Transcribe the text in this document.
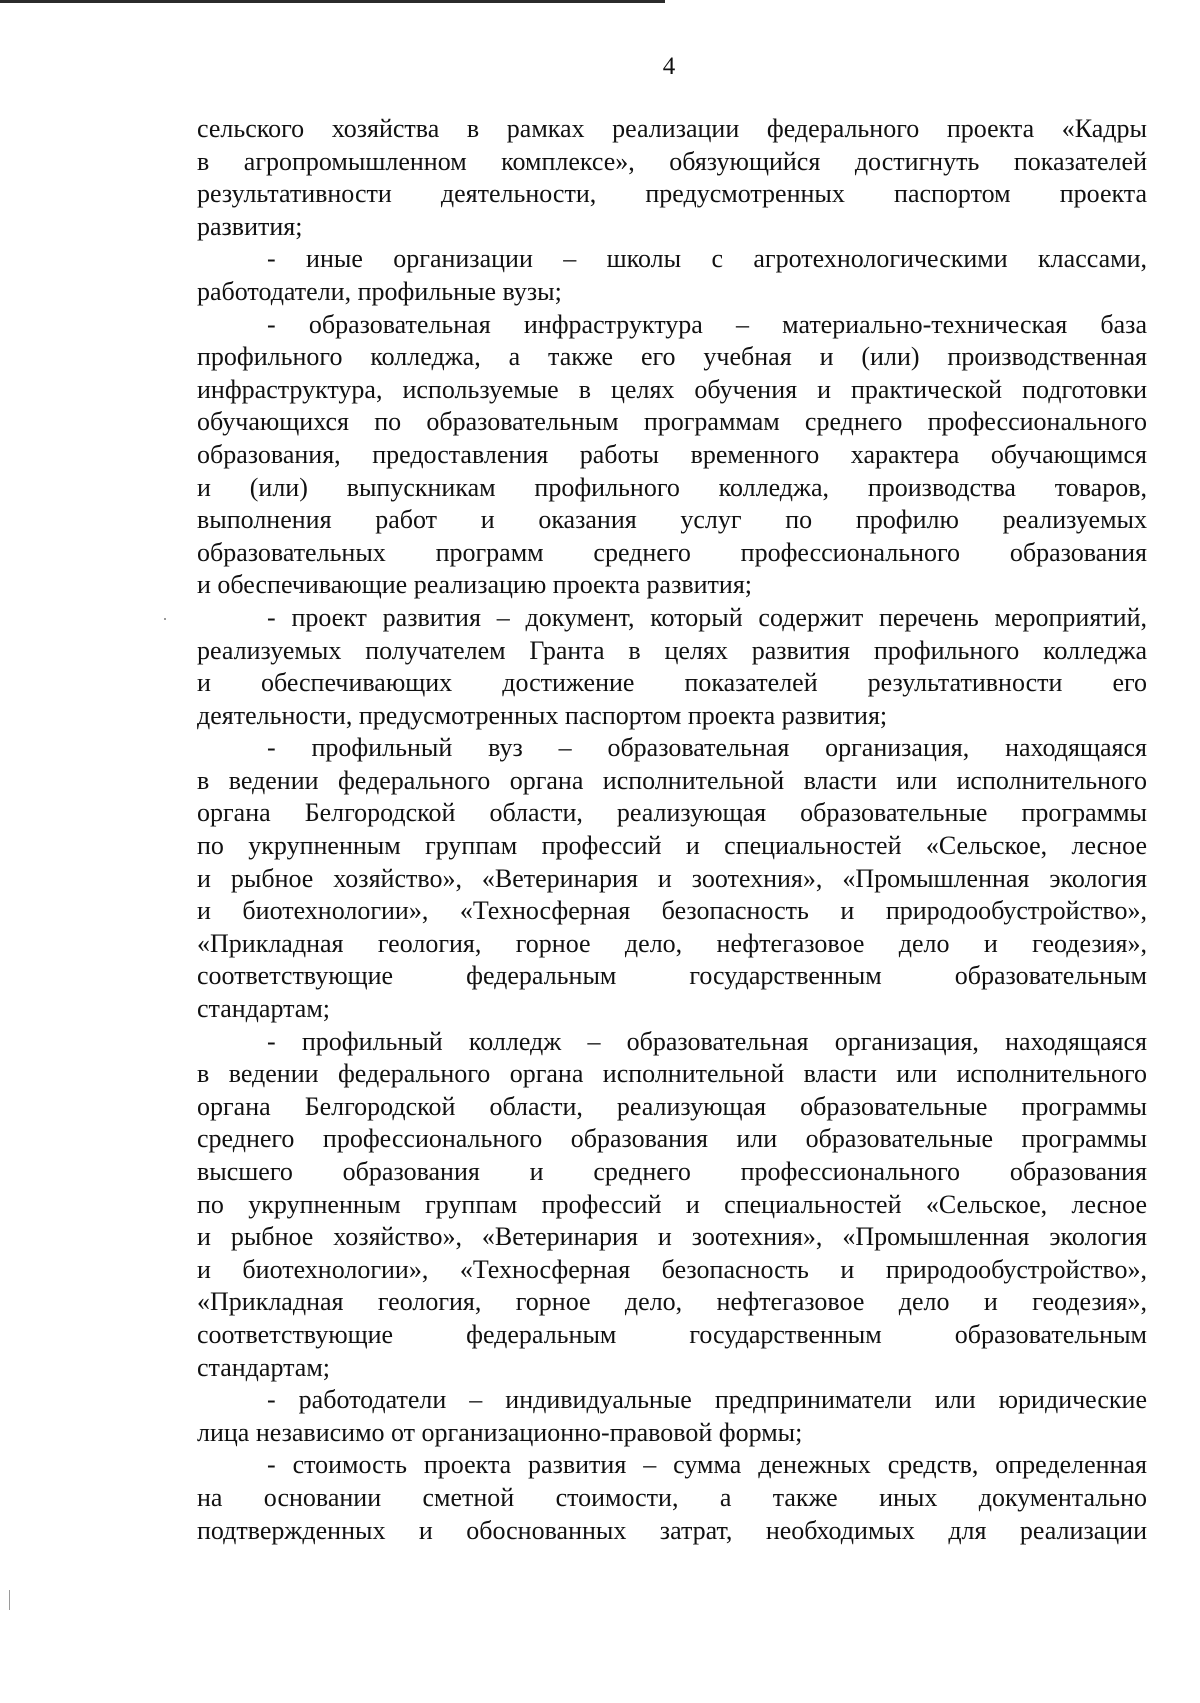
4
сельского хозяйства в рамках реализации федерального проекта «Кадры
в агропромышленном комплексе», обязующийся достигнуть показателей
результативности деятельности, предусмотренных паспортом проекта
развития;
- иные организации – школы с агротехнологическими классами,
работодатели, профильные вузы;
- образовательная инфраструктура – материально-техническая база
профильного колледжа, а также его учебная и (или) производственная
инфраструктура, используемые в целях обучения и практической подготовки
обучающихся по образовательным программам среднего профессионального
образования, предоставления работы временного характера обучающимся
и (или) выпускникам профильного колледжа, производства товаров,
выполнения работ и оказания услуг по профилю реализуемых
образовательных программ среднего профессионального образования
и обеспечивающие реализацию проекта развития;
- проект развития – документ, который содержит перечень мероприятий,
реализуемых получателем Гранта в целях развития профильного колледжа
и обеспечивающих достижение показателей результативности его
деятельности, предусмотренных паспортом проекта развития;
- профильный вуз – образовательная организация, находящаяся
в ведении федерального органа исполнительной власти или исполнительного
органа Белгородской области, реализующая образовательные программы
по укрупненным группам профессий и специальностей «Сельское, лесное
и рыбное хозяйство», «Ветеринария и зоотехния», «Промышленная экология
и биотехнологии», «Техносферная безопасность и природообустройство»,
«Прикладная геология, горное дело, нефтегазовое дело и геодезия»,
соответствующие федеральным государственным образовательным
стандартам;
- профильный колледж – образовательная организация, находящаяся
в ведении федерального органа исполнительной власти или исполнительного
органа Белгородской области, реализующая образовательные программы
среднего профессионального образования или образовательные программы
высшего образования и среднего профессионального образования
по укрупненным группам профессий и специальностей «Сельское, лесное
и рыбное хозяйство», «Ветеринария и зоотехния», «Промышленная экология
и биотехнологии», «Техносферная безопасность и природообустройство»,
«Прикладная геология, горное дело, нефтегазовое дело и геодезия»,
соответствующие федеральным государственным образовательным
стандартам;
- работодатели – индивидуальные предприниматели или юридические
лица независимо от организационно-правовой формы;
- стоимость проекта развития – сумма денежных средств, определенная
на основании сметной стоимости, а также иных документально
подтвержденных и обоснованных затрат, необходимых для реализации
